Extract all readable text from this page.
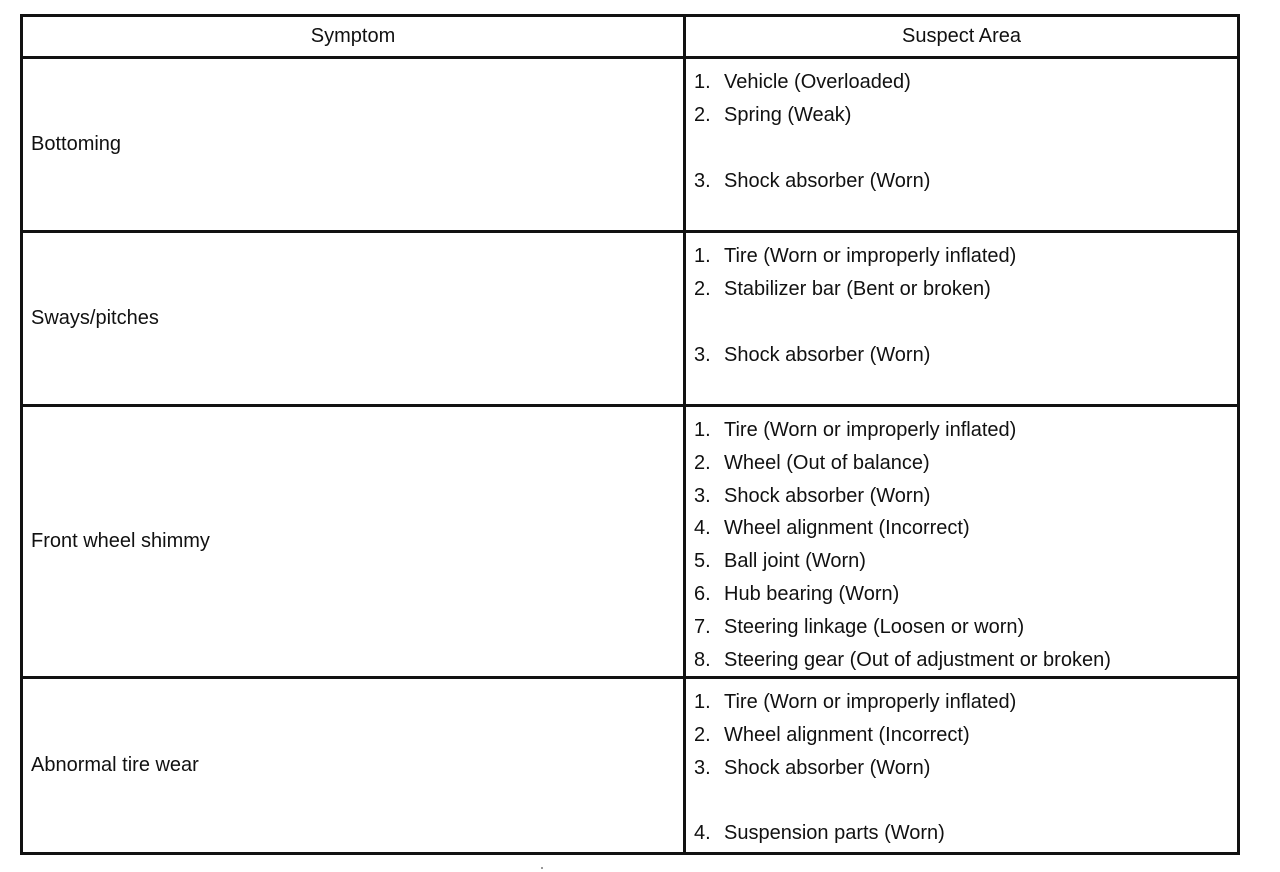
Symptom	Suspect Area
Bottoming
1. Vehicle (Overloaded)
2. Spring (Weak)
3. Shock absorber (Worn)
Sways/pitches
1. Tire (Worn or improperly inflated)
2. Stabilizer bar (Bent or broken)
3. Shock absorber (Worn)
Front wheel shimmy
1. Tire (Worn or improperly inflated)
2. Wheel (Out of balance)
3. Shock absorber (Worn)
4. Wheel alignment (Incorrect)
5. Ball joint (Worn)
6. Hub bearing (Worn)
7. Steering linkage (Loosen or worn)
8. Steering gear (Out of adjustment or broken)
Abnormal tire wear
1. Tire (Worn or improperly inflated)
2. Wheel alignment (Incorrect)
3. Shock absorber (Worn)
4. Suspension parts (Worn)
